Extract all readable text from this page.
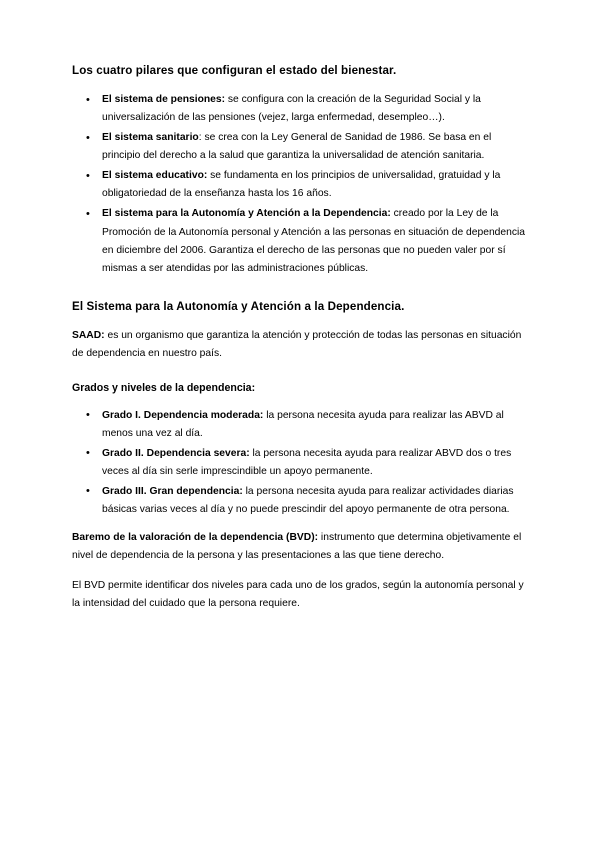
Los cuatro pilares que configuran el estado del bienestar.
• El sistema de pensiones: se configura con la creación de la Seguridad Social y la universalización de las pensiones (vejez, larga enfermedad, desempleo…).
• El sistema sanitario: se crea con la Ley General de Sanidad de 1986. Se basa en el principio del derecho a la salud que garantiza la universalidad de atención sanitaria.
• El sistema educativo: se fundamenta en los principios de universalidad, gratuidad y la obligatoriedad de la enseñanza hasta los 16 años.
• El sistema para la Autonomía y Atención a la Dependencia: creado por la Ley de la Promoción de la Autonomía personal y Atención a las personas en situación de dependencia en diciembre del 2006. Garantiza el derecho de las personas que no pueden valer por sí mismas a ser atendidas por las administraciones públicas.
El Sistema para la Autonomía y Atención a la Dependencia.

SAAD: es un organismo que garantiza la atención y protección de todas las personas en situación de dependencia en nuestro país.

Grados y niveles de la dependencia:
• Grado I. Dependencia moderada: la persona necesita ayuda para realizar las ABVD al menos una vez al día.
• Grado II. Dependencia severa: la persona necesita ayuda para realizar ABVD dos o tres veces al día sin serle imprescindible un apoyo permanente.
• Grado III. Gran dependencia: la persona necesita ayuda para realizar actividades diarias básicas varias veces al día y no puede prescindir del apoyo permanente de otra persona.

Baremo de la valoración de la dependencia (BVD): instrumento que determina objetivamente el nivel de dependencia de la persona y las presentaciones a las que tiene derecho.

El BVD permite identificar dos niveles para cada uno de los grados, según la autonomía personal y la intensidad del cuidado que la persona requiere.
